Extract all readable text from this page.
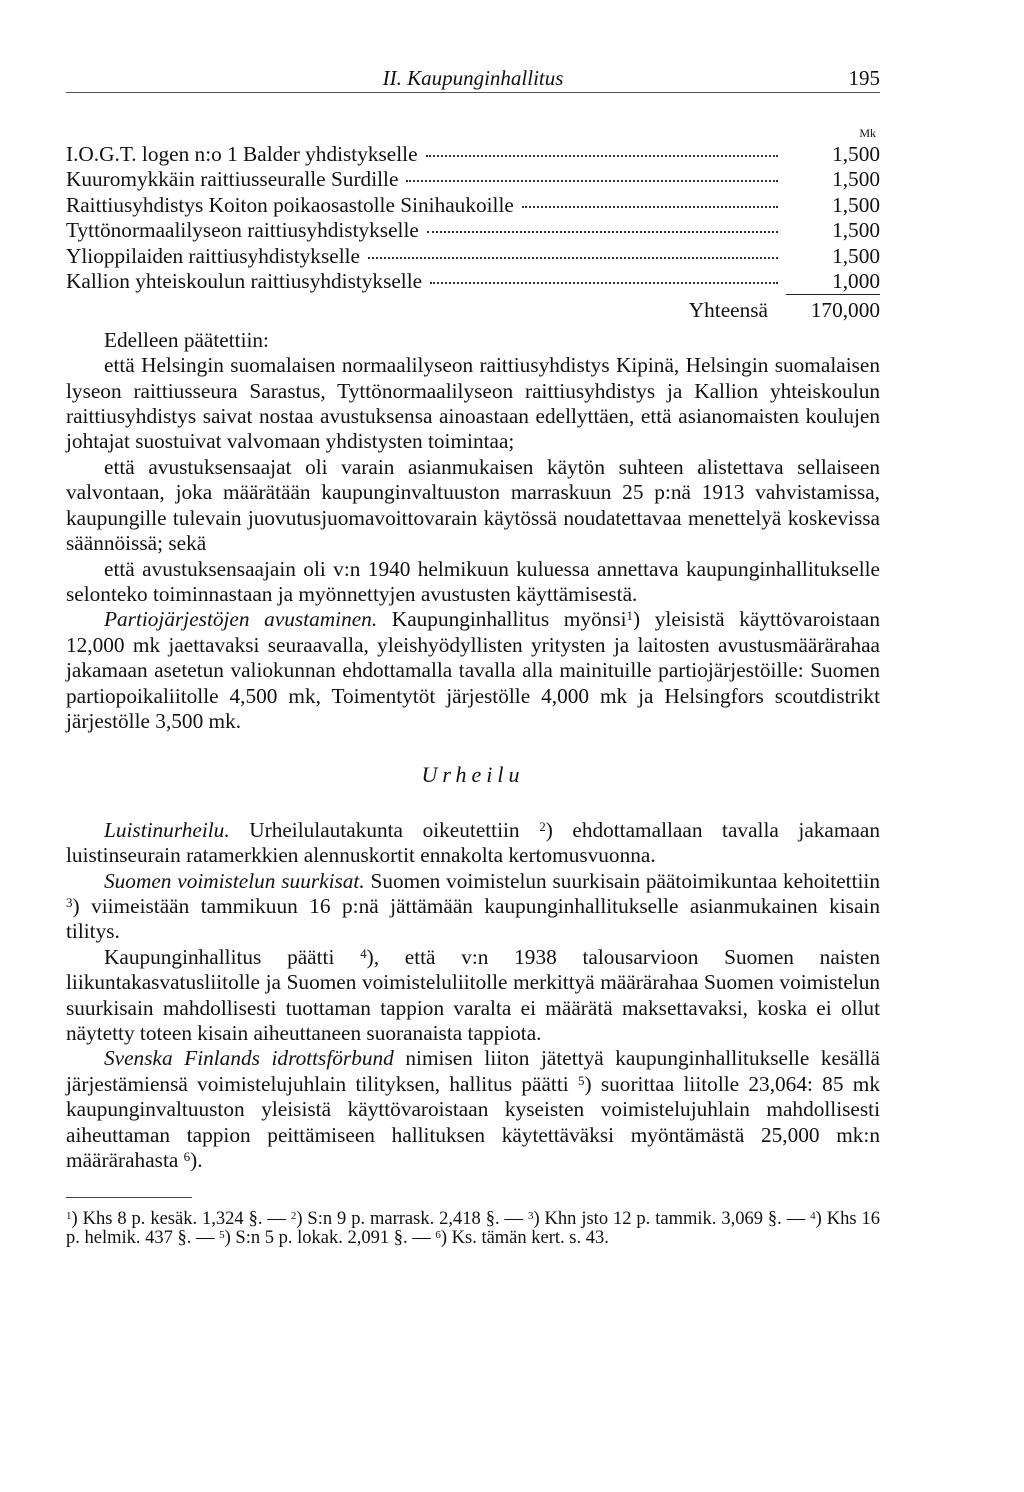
II. Kaupunginhallitus	195
Mk
I.O.G.T. logen n:o 1 Balder yhdistykselle	1,500
Kuuromykkäin raittiusseuralle Surdille	1,500
Raittiusyhdistys Koiton poikaosastolle Sinihaukoille	1,500
Tyttönormaalilyseon raittiusyhdistykselle	1,500
Ylioppilaiden raittiusyhdistykselle	1,500
Kallion yhteiskoulun raittiusyhdistykselle	1,000
Yhteensä	170,000

Edelleen päätettiin:

että Helsingin suomalaisen normaalilyseon raittiusyhdistys Kipinä, Helsingin suomalaisen lyseon raittiusseura Sarastus, Tyttönormaalilyseon raittiusyhdistys ja Kallion yhteiskoulun raittiusyhdistys saivat nostaa avustuksensa ainoastaan edellyttäen, että asianomaisten koulujen johtajat suostuivat valvomaan yhdistysten toimintaa;

että avustuksensaajat oli varain asianmukaisen käytön suhteen alistettava sellaiseen valvontaan, joka määrätään kaupunginvaltuuston marraskuun 25 p:nä 1913 vahvistamissa, kaupungille tulevain juovutusjuomavoittovarain käytössä noudatettavaa menettelyä koskevissa säännöissä; sekä

että avustuksensaajain oli v:n 1940 helmikuun kuluessa annettava kaupunginhallitukselle selonteko toiminnastaan ja myönnettyjen avustusten käyttämisestä.

Partiojärjestöjen avustaminen. Kaupunginhallitus myönsi$^1$) yleisistä käyttövaroistaan 12,000 mk jaettavaksi seuraavalla, yleishyödyllisten yritysten ja laitosten avustusmäärärahaa jakamaan asetetun valiokunnan ehdottamalla tavalla alla mainituille partiojärjestöille: Suomen partiopoikaliitolle 4,500 mk, Toimentytöt järjestölle 4,000 mk ja Helsingfors scoutdistrikt järjestölle 3,500 mk.

Urheilu

Luistinurheilu. Urheilulautakunta oikeutettiin $^2$) ehdottamallaan tavalla jakamaan luistinseurain ratamerkkien alennuskortit ennakolta kertomusvuonna.

Suomen voimistelun suurkisat. Suomen voimistelun suurkisain päätoimikuntaa kehoitettiin $^3$) viimeistään tammikuun 16 p:nä jättämään kaupunginhallitukselle asianmukainen kisain tilitys.

Kaupunginhallitus päätti $^4$), että v:n 1938 talousarvioon Suomen naisten liikuntakasvatusliitolle ja Suomen voimisteluliitolle merkittyä määrärahaa Suomen voimistelun suurkisain mahdollisesti tuottaman tappion varalta ei määrätä maksettavaksi, koska ei ollut näytetty toteen kisain aiheuttaneen suoranaista tappiota.

Svenska Finlands idrottsförbund nimisen liiton jätettyä kaupunginhallitukselle kesällä järjestämiensä voimistelujuhlain tilityksen, hallitus päätti $^5$) suorittaa liitolle 23,064: 85 mk kaupunginvaltuuston yleisistä käyttövaroistaan kyseisten voimistelujuhlain mahdollisesti aiheuttaman tappion peittämiseen hallituksen käytettäväksi myöntämästä 25,000 mk:n määrärahasta $^6$).

$^1$) Khs 8 p. kesäk. 1,324 §. — $^2$) S:n 9 p. marrask. 2,418 §. — $^3$) Khn jsto 12 p. tammik. 3,069 §. — $^4$) Khs 16 p. helmik. 437 §. — $^5$) S:n 5 p. lokak. 2,091 §. — $^6$) Ks. tämän kert. s. 43.
